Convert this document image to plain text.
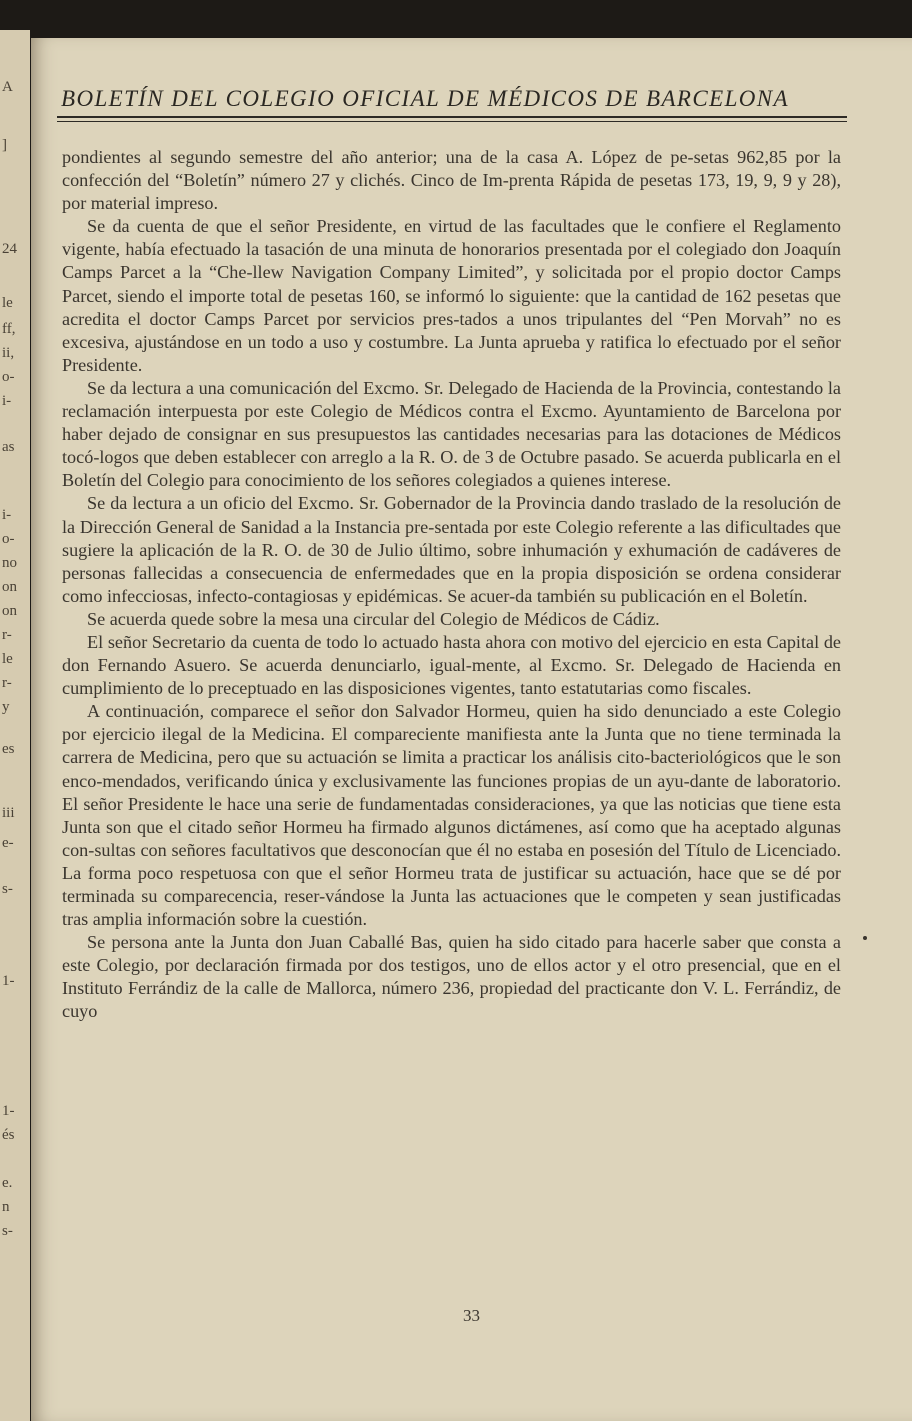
A
]
24
le
ff,
ii,
o-
i-
as
i-
o-
no
on
on
r-
le
r-
y
es
iii
e-
s-
1-
1-
és
e.
n
s-
BOLETÍN DEL COLEGIO OFICIAL DE MÉDICOS DE BARCELONA

pondientes al segundo semestre del año anterior; una de la casa A. López de pe-setas 962,85 por la confección del “Boletín” número 27 y clichés. Cinco de Im-prenta Rápida de pesetas 173, 19, 9, 9 y 28), por material impreso.

Se da cuenta de que el señor Presidente, en virtud de las facultades que le confiere el Reglamento vigente, había efectuado la tasación de una minuta de honorarios presentada por el colegiado don Joaquín Camps Parcet a la “Che-llew Navigation Company Limited”, y solicitada por el propio doctor Camps Parcet, siendo el importe total de pesetas 160, se informó lo siguiente: que la cantidad de 162 pesetas que acredita el doctor Camps Parcet por servicios pres-tados a unos tripulantes del “Pen Morvah” no es excesiva, ajustándose en un todo a uso y costumbre. La Junta aprueba y ratifica lo efectuado por el señor Presidente.

Se da lectura a una comunicación del Excmo. Sr. Delegado de Hacienda de la Provincia, contestando la reclamación interpuesta por este Colegio de Médicos contra el Excmo. Ayuntamiento de Barcelona por haber dejado de consignar en sus presupuestos las cantidades necesarias para las dotaciones de Médicos tocó-logos que deben establecer con arreglo a la R. O. de 3 de Octubre pasado. Se acuerda publicarla en el Boletín del Colegio para conocimiento de los señores colegiados a quienes interese.

Se da lectura a un oficio del Excmo. Sr. Gobernador de la Provincia dando traslado de la resolución de la Dirección General de Sanidad a la Instancia pre-sentada por este Colegio referente a las dificultades que sugiere la aplicación de la R. O. de 30 de Julio último, sobre inhumación y exhumación de cadáveres de personas fallecidas a consecuencia de enfermedades que en la propia disposición se ordena considerar como infecciosas, infecto-contagiosas y epidémicas. Se acuer-da también su publicación en el Boletín.

Se acuerda quede sobre la mesa una circular del Colegio de Médicos de Cádiz.

El señor Secretario da cuenta de todo lo actuado hasta ahora con motivo del ejercicio en esta Capital de don Fernando Asuero. Se acuerda denunciarlo, igual-mente, al Excmo. Sr. Delegado de Hacienda en cumplimiento de lo preceptuado en las disposiciones vigentes, tanto estatutarias como fiscales.

A continuación, comparece el señor don Salvador Hormeu, quien ha sido denunciado a este Colegio por ejercicio ilegal de la Medicina. El compareciente manifiesta ante la Junta que no tiene terminada la carrera de Medicina, pero que su actuación se limita a practicar los análisis cito-bacteriológicos que le son enco-mendados, verificando única y exclusivamente las funciones propias de un ayu-dante de laboratorio. El señor Presidente le hace una serie de fundamentadas consideraciones, ya que las noticias que tiene esta Junta son que el citado señor Hormeu ha firmado algunos dictámenes, así como que ha aceptado algunas con-sultas con señores facultativos que desconocían que él no estaba en posesión del Título de Licenciado. La forma poco respetuosa con que el señor Hormeu trata de justificar su actuación, hace que se dé por terminada su comparecencia, reser-vándose la Junta las actuaciones que le competen y sean justificadas tras amplia información sobre la cuestión.

Se persona ante la Junta don Juan Caballé Bas, quien ha sido citado para hacerle saber que consta a este Colegio, por declaración firmada por dos testigos, uno de ellos actor y el otro presencial, que en el Instituto Ferrándiz de la calle de Mallorca, número 236, propiedad del practicante don V. L. Ferrándiz, de cuyo

33
